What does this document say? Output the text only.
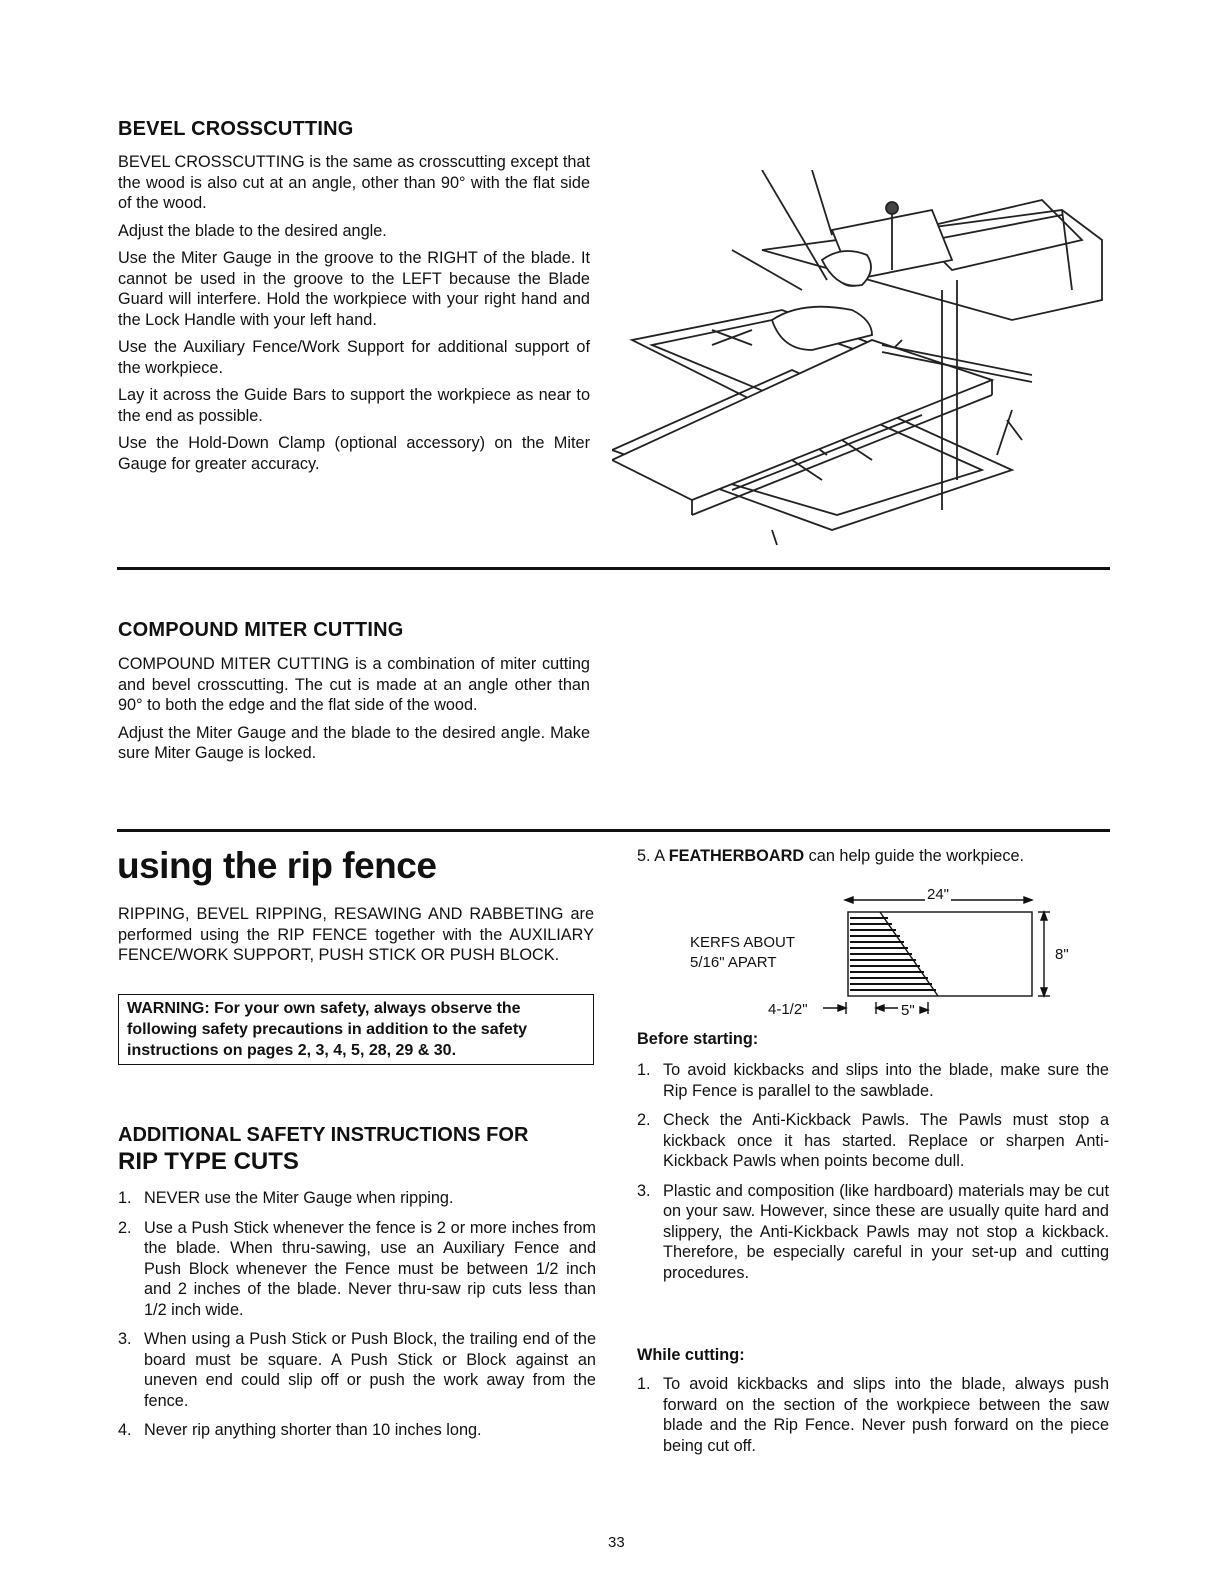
BEVEL CROSSCUTTING

BEVEL CROSSCUTTING is the same as crosscutting except that the wood is also cut at an angle, other than 90° with the flat side of the wood.

Adjust the blade to the desired angle.

Use the Miter Gauge in the groove to the RIGHT of the blade. It cannot be used in the groove to the LEFT because the Blade Guard will interfere. Hold the workpiece with your right hand and the Lock Handle with your left hand.

Use the Auxiliary Fence/Work Support for additional support of the workpiece.

Lay it across the Guide Bars to support the workpiece as near to the end as possible.

Use the Hold-Down Clamp (optional accessory) on the Miter Gauge for greater accuracy.

COMPOUND MITER CUTTING

COMPOUND MITER CUTTING is a combination of miter cutting and bevel crosscutting. The cut is made at an angle other than 90° to both the edge and the flat side of the wood.

Adjust the Miter Gauge and the blade to the desired angle. Make sure Miter Gauge is locked.

using the rip fence
RIPPING, BEVEL RIPPING, RESAWING AND RABBETING are performed using the RIP FENCE together with the AUXILIARY FENCE/WORK SUPPORT, PUSH STICK OR PUSH BLOCK.
WARNING: For your own safety, always observe the following safety precautions in addition to the safety instructions on pages 2, 3, 4, 5, 28, 29 & 30.
ADDITIONAL SAFETY INSTRUCTIONS FOR
RIP TYPE CUTS
1. NEVER use the Miter Gauge when ripping.
2. Use a Push Stick whenever the fence is 2 or more inches from the blade. When thru-sawing, use an Auxiliary Fence and Push Block whenever the Fence must be between 1/2 inch and 2 inches of the blade. Never thru-saw rip cuts less than 1/2 inch wide.
3. When using a Push Stick or Push Block, the trailing end of the board must be square. A Push Stick or Block against an uneven end could slip off or push the work away from the fence.
4. Never rip anything shorter than 10 inches long.
5. A FEATHERBOARD can help guide the workpiece.
24"
KERFS ABOUT
5/16" APART	8"
4-1/2"	5"
Before starting:
1. To avoid kickbacks and slips into the blade, make sure the Rip Fence is parallel to the sawblade.
2. Check the Anti-Kickback Pawls. The Pawls must stop a kickback once it has started. Replace or sharpen Anti-Kickback Pawls when points become dull.
3. Plastic and composition (like hardboard) materials may be cut on your saw. However, since these are usually quite hard and slippery, the Anti-Kickback Pawls may not stop a kickback. Therefore, be especially careful in your set-up and cutting procedures.
While cutting:
1. To avoid kickbacks and slips into the blade, always push forward on the section of the workpiece between the saw blade and the Rip Fence. Never push forward on the piece being cut off.
33
